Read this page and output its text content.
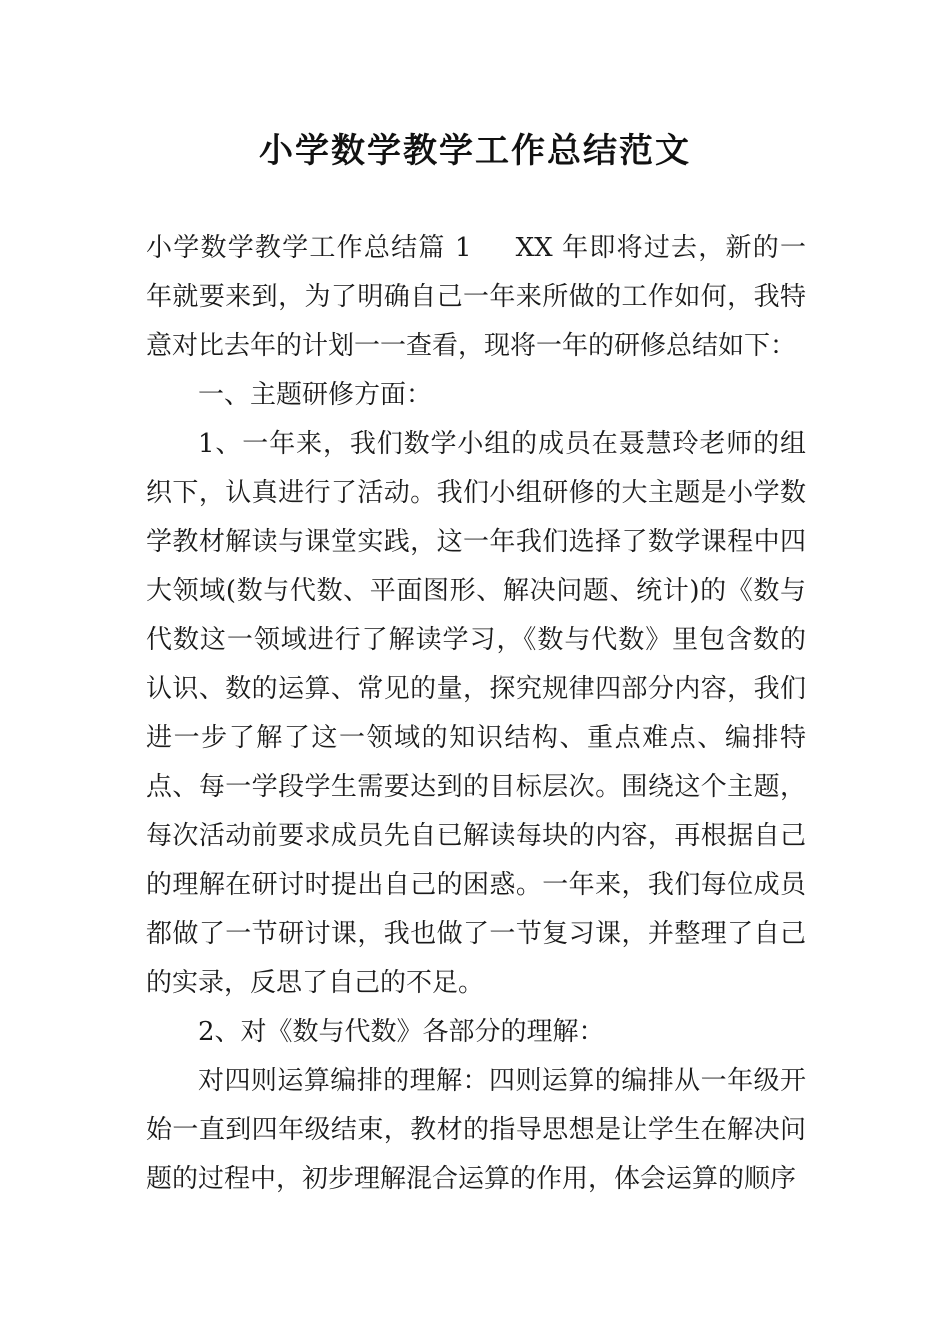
小学数学教学工作总结范文

小学数学教学工作总结篇 1 XX 年即将过去，新的一年就要来到，为了明确自己一年来所做的工作如何，我特意对比去年的计划一一查看，现将一年的研修总结如下：

一、主题研修方面：

1、一年来，我们数学小组的成员在聂慧玲老师的组织下，认真进行了活动。我们小组研修的大主题是小学数学教材解读与课堂实践，这一年我们选择了数学课程中四大领域(数与代数、平面图形、解决问题、统计)的《数与代数这一领域进行了解读学习，《数与代数》里包含数的认识、数的运算、常见的量，探究规律四部分内容，我们进一步了解了这一领域的知识结构、重点难点、编排特点、每一学段学生需要达到的目标层次。围绕这个主题，每次活动前要求成员先自已解读每块的内容，再根据自己的理解在研讨时提出自己的困惑。一年来，我们每位成员都做了一节研讨课，我也做了一节复习课，并整理了自己的实录，反思了自己的不足。

2、对《数与代数》各部分的理解：

对四则运算编排的理解：四则运算的编排从一年级开始一直到四年级结束，教材的指导思想是让学生在解决问题的过程中，初步理解混合运算的作用，体会运算的顺序
